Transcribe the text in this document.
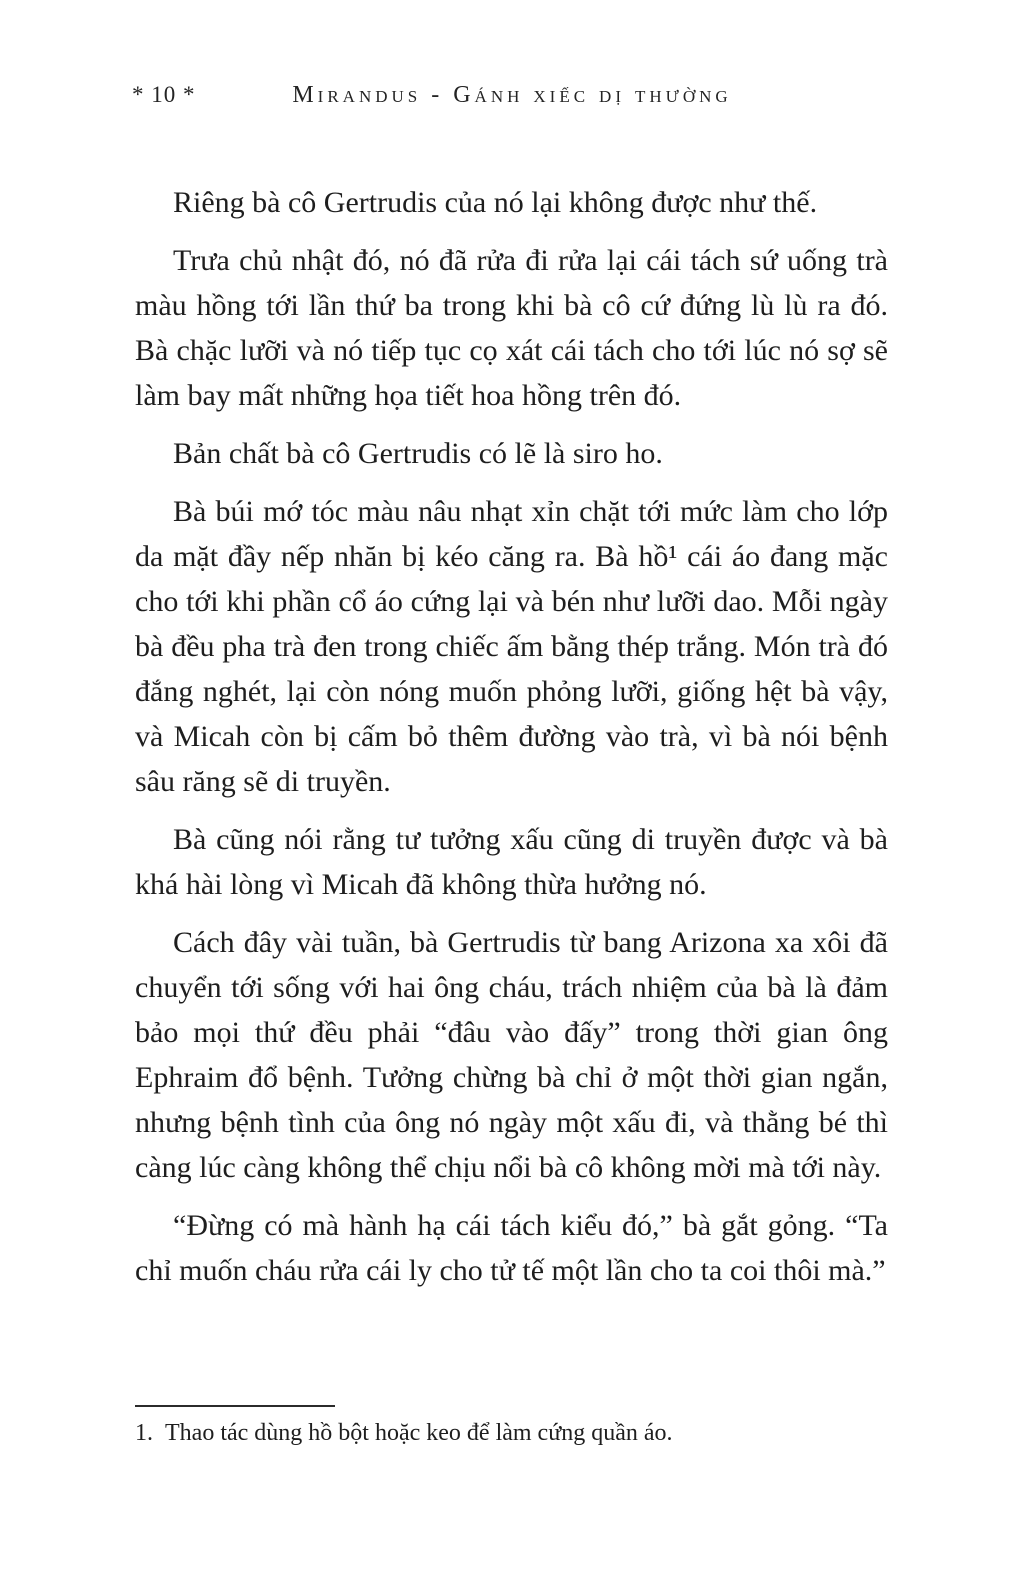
* 10 *	Mirandus - Gánh xiếc dị thường

Riêng bà cô Gertrudis của nó lại không được như thế.

Trưa chủ nhật đó, nó đã rửa đi rửa lại cái tách sứ uống trà màu hồng tới lần thứ ba trong khi bà cô cứ đứng lù lù ra đó. Bà chặc lưỡi và nó tiếp tục cọ xát cái tách cho tới lúc nó sợ sẽ làm bay mất những họa tiết hoa hồng trên đó.

Bản chất bà cô Gertrudis có lẽ là siro ho.

Bà búi mớ tóc màu nâu nhạt xỉn chặt tới mức làm cho lớp da mặt đầy nếp nhăn bị kéo căng ra. Bà hồ¹ cái áo đang mặc cho tới khi phần cổ áo cứng lại và bén như lưỡi dao. Mỗi ngày bà đều pha trà đen trong chiếc ấm bằng thép trắng. Món trà đó đắng nghét, lại còn nóng muốn phỏng lưỡi, giống hệt bà vậy, và Micah còn bị cấm bỏ thêm đường vào trà, vì bà nói bệnh sâu răng sẽ di truyền.

Bà cũng nói rằng tư tưởng xấu cũng di truyền được và bà khá hài lòng vì Micah đã không thừa hưởng nó.

Cách đây vài tuần, bà Gertrudis từ bang Arizona xa xôi đã chuyển tới sống với hai ông cháu, trách nhiệm của bà là đảm bảo mọi thứ đều phải “đâu vào đấy” trong thời gian ông Ephraim đổ bệnh. Tưởng chừng bà chỉ ở một thời gian ngắn, nhưng bệnh tình của ông nó ngày một xấu đi, và thằng bé thì càng lúc càng không thể chịu nổi bà cô không mời mà tới này.

“Đừng có mà hành hạ cái tách kiểu đó,” bà gắt gỏng. “Ta chỉ muốn cháu rửa cái ly cho tử tế một lần cho ta coi thôi mà.”

1. Thao tác dùng hồ bột hoặc keo để làm cứng quần áo.
